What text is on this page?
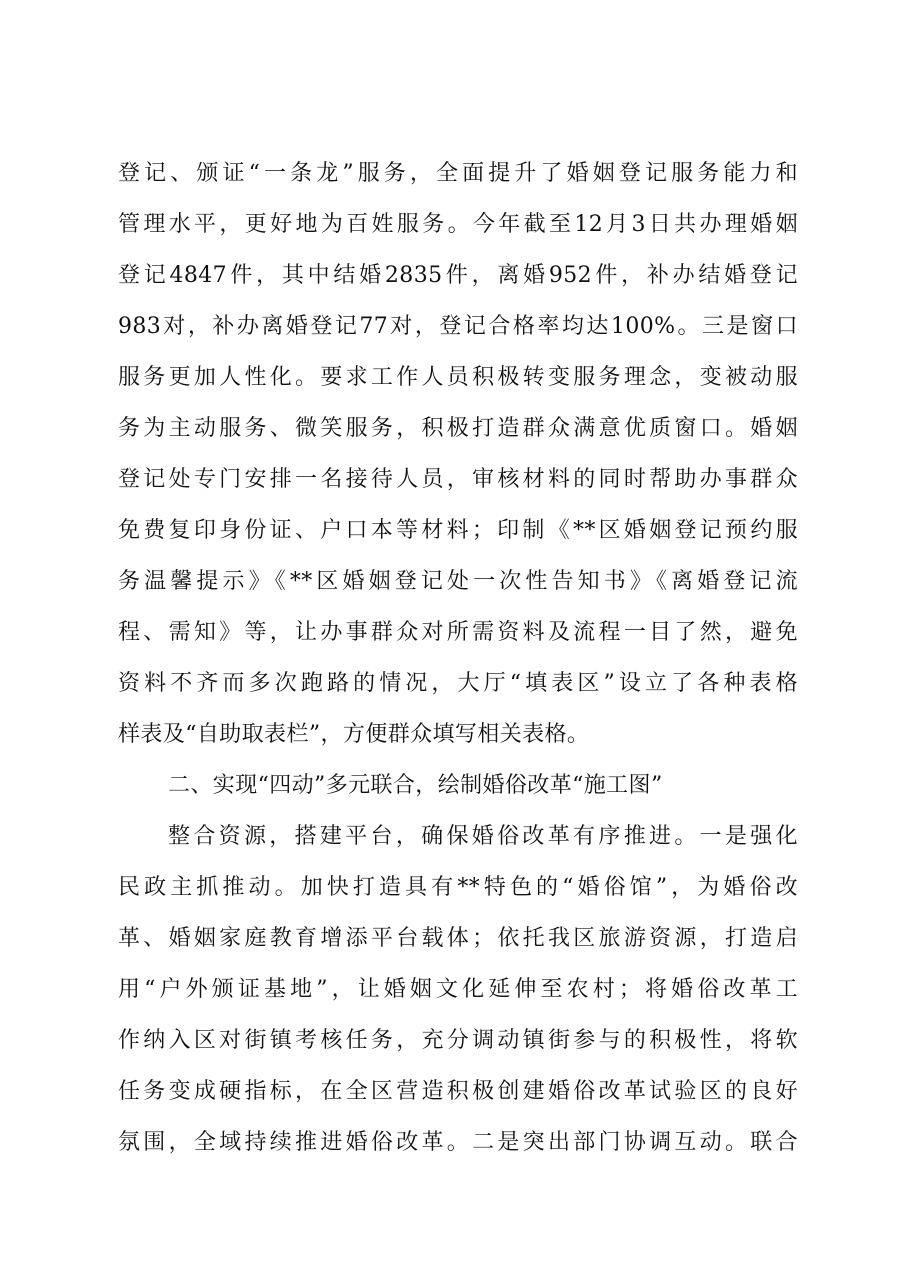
登记、颁证“一条龙”服务，全面提升了婚姻登记服务能力和
管理水平，更好地为百姓服务。今年截至12月3日共办理婚姻
登记4847件，其中结婚2835件，离婚952件，补办结婚登记
983对，补办离婚登记77对，登记合格率均达100%。三是窗口
服务更加人性化。要求工作人员积极转变服务理念，变被动服
务为主动服务、微笑服务，积极打造群众满意优质窗口。婚姻
登记处专门安排一名接待人员，审核材料的同时帮助办事群众
免费复印身份证、户口本等材料；印制《**区婚姻登记预约服
务温馨提示》《**区婚姻登记处一次性告知书》《离婚登记流
程、需知》等，让办事群众对所需资料及流程一目了然，避免
资料不齐而多次跑路的情况，大厅“填表区”设立了各种表格
样表及“自助取表栏”，方便群众填写相关表格。
二、实现“四动”多元联合，绘制婚俗改革“施工图”
整合资源，搭建平台，确保婚俗改革有序推进。一是强化
民政主抓推动。加快打造具有**特色的“婚俗馆”，为婚俗改
革、婚姻家庭教育增添平台载体；依托我区旅游资源，打造启
用“户外颁证基地”，让婚姻文化延伸至农村；将婚俗改革工
作纳入区对街镇考核任务，充分调动镇街参与的积极性，将软
任务变成硬指标，在全区营造积极创建婚俗改革试验区的良好
氛围，全域持续推进婚俗改革。二是突出部门协调互动。联合
